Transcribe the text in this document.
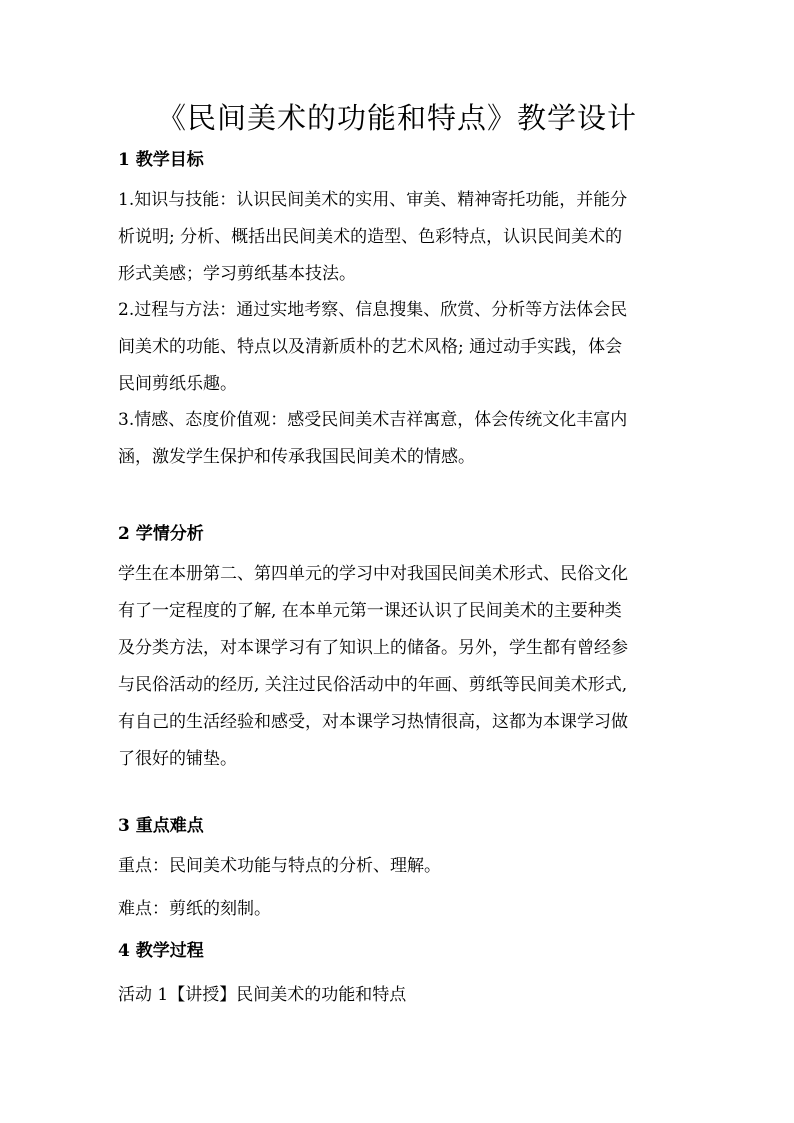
《民间美术的功能和特点》教学设计
1 教学目标

1.知识与技能：认识民间美术的实用、审美、精神寄托功能，并能分
析说明; 分析、概括出民间美术的造型、色彩特点，认识民间美术的
形式美感；学习剪纸基本技法。

2.过程与方法：通过实地考察、信息搜集、欣赏、分析等方法体会民
间美术的功能、特点以及清新质朴的艺术风格; 通过动手实践，体会
民间剪纸乐趣。

3.情感、态度价值观：感受民间美术吉祥寓意，体会传统文化丰富内
涵，激发学生保护和传承我国民间美术的情感。

2 学情分析

学生在本册第二、第四单元的学习中对我国民间美术形式、民俗文化
有了一定程度的了解, 在本单元第一课还认识了民间美术的主要种类
及分类方法，对本课学习有了知识上的储备。另外，学生都有曾经参
与民俗活动的经历, 关注过民俗活动中的年画、剪纸等民间美术形式,
有自己的生活经验和感受，对本课学习热情很高，这都为本课学习做
了很好的铺垫。

3 重点难点

重点：民间美术功能与特点的分析、理解。

难点：剪纸的刻制。

4 教学过程

活动 1【讲授】民间美术的功能和特点
